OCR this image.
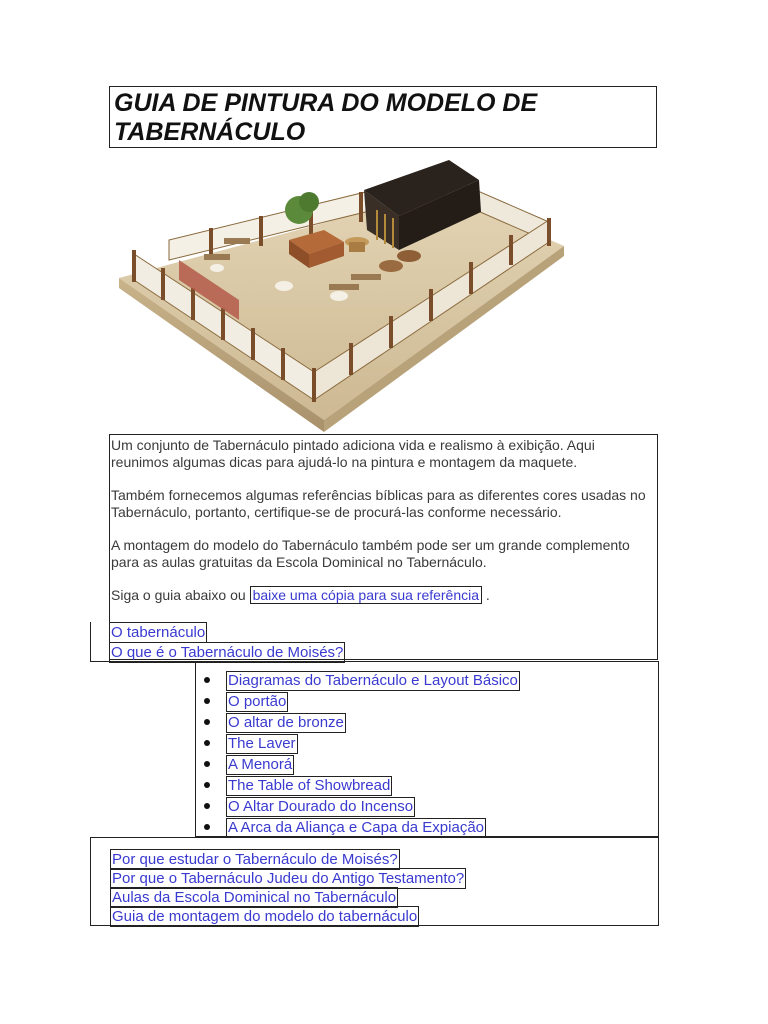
GUIA DE PINTURA DO MODELO DE TABERNÁCULO

Um conjunto de Tabernáculo pintado adiciona vida e realismo à exibição. Aqui reunimos algumas dicas para ajudá-lo na pintura e montagem da maquete.

Também fornecemos algumas referências bíblicas para as diferentes cores usadas no Tabernáculo, portanto, certifique-se de procurá-las conforme necessário.

A montagem do modelo do Tabernáculo também pode ser um grande complemento para as aulas gratuitas da Escola Dominical no Tabernáculo.

Siga o guia abaixo ou baixe uma cópia para sua referência .

O tabernáculo
O que é o Tabernáculo de Moisés?
Diagramas do Tabernáculo e Layout Básico
O portão
O altar de bronze
The Laver
A Menorá
The Table of Showbread
O Altar Dourado do Incenso
A Arca da Aliança e Capa da Expiação
Por que estudar o Tabernáculo de Moisés?
Por que o Tabernáculo Judeu do Antigo Testamento?
Aulas da Escola Dominical no Tabernáculo
Guia de montagem do modelo do tabernáculo
